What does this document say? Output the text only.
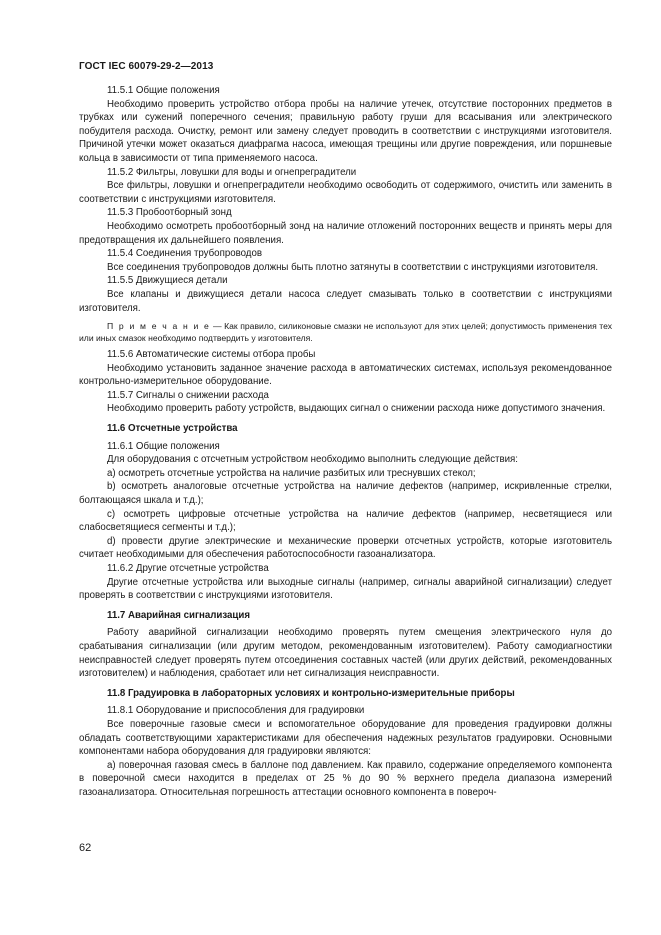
ГОСТ IEC 60079-29-2—2013

11.5.1 Общие положения

Необходимо проверить устройство отбора пробы на наличие утечек, отсутствие посторонних предметов в трубках или сужений поперечного сечения; правильную работу груши для всасывания или электрического побудителя расхода. Очистку, ремонт или замену следует проводить в соответствии с инструкциями изготовителя. Причиной утечки может оказаться диафрагма насоса, имеющая трещины или другие повреждения, или поршневые кольца в зависимости от типа применяемого насоса.

11.5.2 Фильтры, ловушки для воды и огнепреградители

Все фильтры, ловушки и огнепреградители необходимо освободить от содержимого, очистить или заменить в соответствии с инструкциями изготовителя.

11.5.3 Пробоотборный зонд

Необходимо осмотреть пробоотборный зонд на наличие отложений посторонних веществ и принять меры для предотвращения их дальнейшего появления.

11.5.4 Соединения трубопроводов

Все соединения трубопроводов должны быть плотно затянуты в соответствии с инструкциями изготовителя.

11.5.5 Движущиеся детали

Все клапаны и движущиеся детали насоса следует смазывать только в соответствии с инструкциями изготовителя.

П р и м е ч а н и е — Как правило, силиконовые смазки не используют для этих целей; допустимость применения тех или иных смазок необходимо подтвердить у изготовителя.

11.5.6 Автоматические системы отбора пробы

Необходимо установить заданное значение расхода в автоматических системах, используя рекомендованное контрольно-измерительное оборудование.

11.5.7 Сигналы о снижении расхода

Необходимо проверить работу устройств, выдающих сигнал о снижении расхода ниже допустимого значения.

11.6 Отсчетные устройства

11.6.1 Общие положения

Для оборудования с отсчетным устройством необходимо выполнить следующие действия:

a) осмотреть отсчетные устройства на наличие разбитых или треснувших стекол;

b) осмотреть аналоговые отсчетные устройства на наличие дефектов (например, искривленные стрелки, болтающаяся шкала и т.д.);

c) осмотреть цифровые отсчетные устройства на наличие дефектов (например, несветящиеся или слабосветящиеся сегменты и т.д.);

d) провести другие электрические и механические проверки отсчетных устройств, которые изготовитель считает необходимыми для обеспечения работоспособности газоанализатора.

11.6.2 Другие отсчетные устройства

Другие отсчетные устройства или выходные сигналы (например, сигналы аварийной сигнализации) следует проверять в соответствии с инструкциями изготовителя.

11.7 Аварийная сигнализация

Работу аварийной сигнализации необходимо проверять путем смещения электрического нуля до срабатывания сигнализации (или другим методом, рекомендованным изготовителем). Работу самодиагностики неисправностей следует проверять путем отсоединения составных частей (или других действий, рекомендованных изготовителем) и наблюдения, сработает или нет сигнализация неисправности.

11.8 Градуировка в лабораторных условиях и контрольно-измерительные приборы

11.8.1 Оборудование и приспособления для градуировки

Все поверочные газовые смеси и вспомогательное оборудование для проведения градуировки должны обладать соответствующими характеристиками для обеспечения надежных результатов градуировки. Основными компонентами набора оборудования для градуировки являются:

a) поверочная газовая смесь в баллоне под давлением. Как правило, содержание определяемого компонента в поверочной смеси находится в пределах от 25 % до 90 % верхнего предела диапазона измерений газоанализатора. Относительная погрешность аттестации основного компонента в повероч-

62
